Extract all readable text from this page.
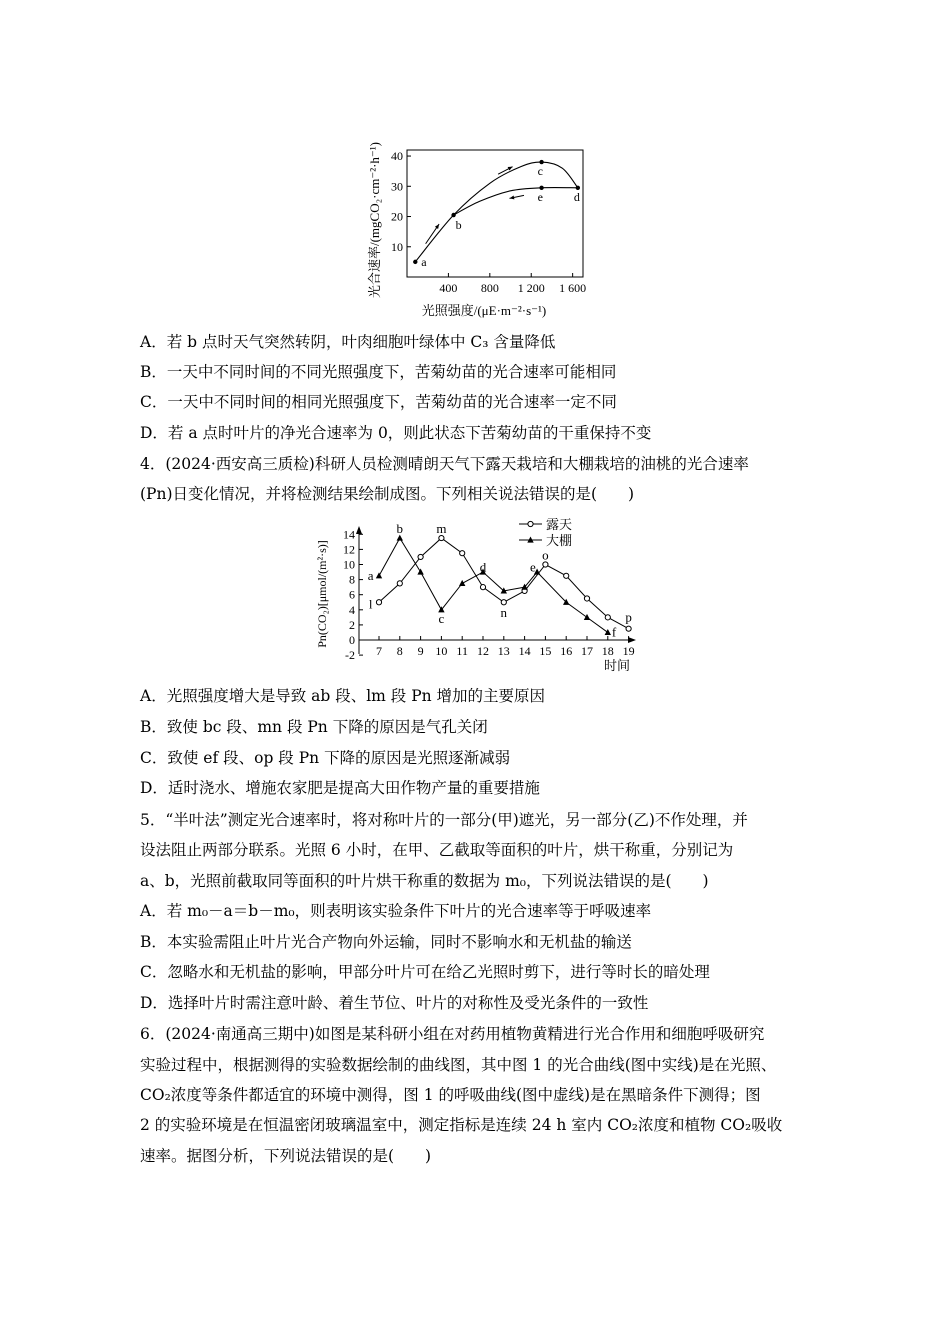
400 800 1 200 1 600
10
20
30
40
a
b
c
d
e
光照强度/(μE·m⁻²·s⁻¹)
光合速率/(mgCO₂·cm⁻²·h⁻¹)
A．若 b 点时天气突然转阴，叶肉细胞叶绿体中 C₃ 含量降低
B．一天中不同时间的不同光照强度下，苦菊幼苗的光合速率可能相同
C．一天中不同时间的相同光照强度下，苦菊幼苗的光合速率一定不同
D．若 a 点时叶片的净光合速率为 0，则此状态下苦菊幼苗的干重保持不变
4．(2024·西安高三质检)科研人员检测晴朗天气下露天栽培和大棚栽培的油桃的光合速率
(Pn)日变化情况，并将检测结果绘制成图。下列相关说法错误的是(　　)
-2
0
2
4
6
8
10
12
14
7 8 9 10 11 12 13 14 15 16 17 18 19
a
b	m
c
d
l
n
e
o
f
p
露天
大棚
时间
Pn(CO₂)[μmol/(m²·s)]
A．光照强度增大是导致 ab 段、lm 段 Pn 增加的主要原因
B．致使 bc 段、mn 段 Pn 下降的原因是气孔关闭
C．致使 ef 段、op 段 Pn 下降的原因是光照逐渐减弱
D．适时浇水、增施农家肥是提高大田作物产量的重要措施
5．“半叶法”测定光合速率时，将对称叶片的一部分(甲)遮光，另一部分(乙)不作处理，并
设法阻止两部分联系。光照 6 小时，在甲、乙截取等面积的叶片，烘干称重，分别记为
a、b，光照前截取同等面积的叶片烘干称重的数据为 m₀，下列说法错误的是(　　)
A．若 m₀－a＝b－m₀，则表明该实验条件下叶片的光合速率等于呼吸速率
B．本实验需阻止叶片光合产物向外运输，同时不影响水和无机盐的输送
C．忽略水和无机盐的影响，甲部分叶片可在给乙光照时剪下，进行等时长的暗处理
D．选择叶片时需注意叶龄、着生节位、叶片的对称性及受光条件的一致性
6．(2024·南通高三期中)如图是某科研小组在对药用植物黄精进行光合作用和细胞呼吸研究
实验过程中，根据测得的实验数据绘制的曲线图，其中图 1 的光合曲线(图中实线)是在光照、
CO₂浓度等条件都适宜的环境中测得，图 1 的呼吸曲线(图中虚线)是在黑暗条件下测得；图
2 的实验环境是在恒温密闭玻璃温室中，测定指标是连续 24 h 室内 CO₂浓度和植物 CO₂吸收
速率。据图分析，下列说法错误的是(　　)
